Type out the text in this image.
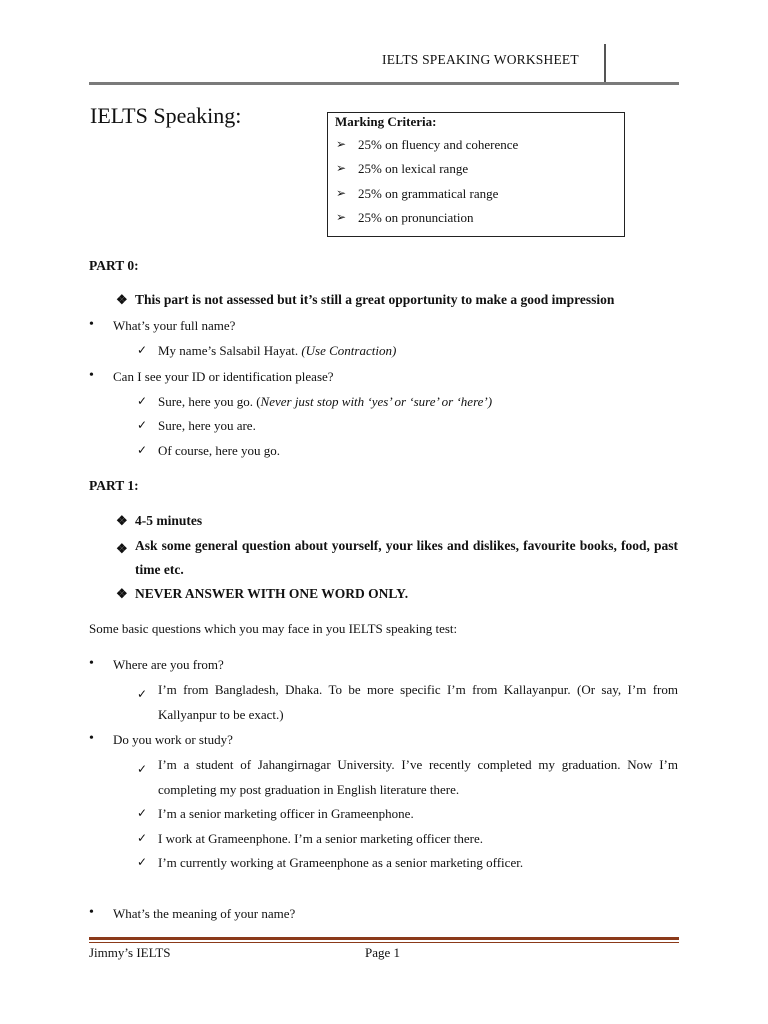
IELTS SPEAKING WORKSHEET
IELTS Speaking:	Marking Criteria:
➢ 25% on fluency and coherence
➢ 25% on lexical range
➢ 25% on grammatical range
➢ 25% on pronunciation
PART 0:
❖ This part is not assessed but it’s still a great opportunity to make a good impression
• What’s your full name?
✓ My name’s Salsabil Hayat. (Use Contraction)
• Can I see your ID or identification please?
✓ Sure, here you go. (Never just stop with ‘yes’ or ‘sure’ or ‘here’)
✓ Sure, here you are.
✓ Of course, here you go.
PART 1:
❖ 4-5 minutes
❖ Ask some general question about yourself, your likes and dislikes, favourite books, food, past time etc.
❖ NEVER ANSWER WITH ONE WORD ONLY.
Some basic questions which you may face in you IELTS speaking test:
• Where are you from?
✓ I’m from Bangladesh, Dhaka. To be more specific I’m from Kallayanpur. (Or say, I’m from Kallyanpur to be exact.)
• Do you work or study?
✓ I’m a student of Jahangirnagar University. I’ve recently completed my graduation. Now I’m completing my post graduation in English literature there.
✓ I’m a senior marketing officer in Grameenphone.
✓ I work at Grameenphone. I’m a senior marketing officer there.
✓ I’m currently working at Grameenphone as a senior marketing officer.
• What’s the meaning of your name?
Jimmy’s IELTS	Page 1
